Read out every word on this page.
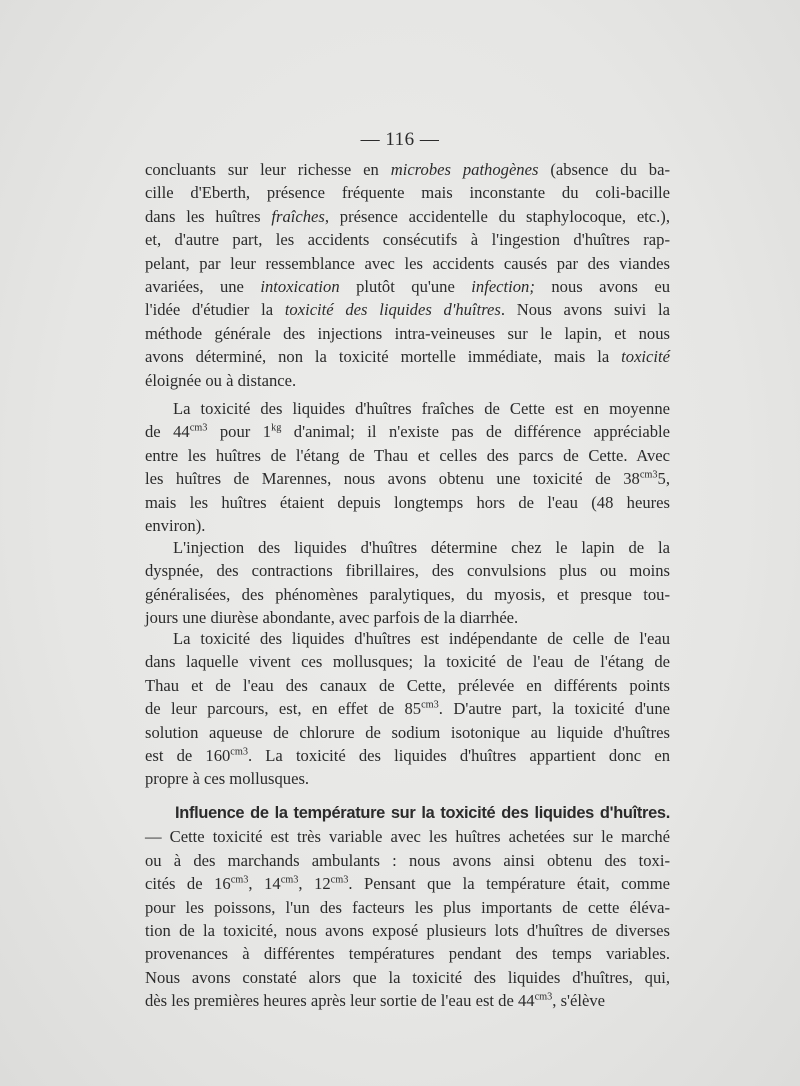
— 116 —
concluants sur leur richesse en microbes pathogènes (absence du ba-
cille d'Eberth, présence fréquente mais inconstante du coli-bacille
dans les huîtres fraîches, présence accidentelle du staphylocoque, etc.),
et, d'autre part, les accidents consécutifs à l'ingestion d'huîtres rap-
pelant, par leur ressemblance avec les accidents causés par des viandes
avariées, une intoxication plutôt qu'une infection; nous avons eu
l'idée d'étudier la toxicité des liquides d'huîtres. Nous avons suivi la
méthode générale des injections intra-veineuses sur le lapin, et nous
avons déterminé, non la toxicité mortelle immédiate, mais la toxicité
éloignée ou à distance.
La toxicité des liquides d'huîtres fraîches de Cette est en moyenne
de $44^{cm3}$ pour $1^{kg}$ d'animal; il n'existe pas de différence appréciable
entre les huîtres de l'étang de Thau et celles des parcs de Cette. Avec
les huîtres de Marennes, nous avons obtenu une toxicité de $38^{cm3}5$,
mais les huîtres étaient depuis longtemps hors de l'eau (48 heures
environ).
L'injection des liquides d'huîtres détermine chez le lapin de la
dyspnée, des contractions fibrillaires, des convulsions plus ou moins
généralisées, des phénomènes paralytiques, du myosis, et presque tou-
jours une diurèse abondante, avec parfois de la diarrhée.
La toxicité des liquides d'huîtres est indépendante de celle de l'eau
dans laquelle vivent ces mollusques; la toxicité de l'eau de l'étang de
Thau et de l'eau des canaux de Cette, prélevée en différents points
de leur parcours, est, en effet de $85^{cm3}$. D'autre part, la toxicité d'une
solution aqueuse de chlorure de sodium isotonique au liquide d'huîtres
est de $160^{cm3}$. La toxicité des liquides d'huîtres appartient donc en
propre à ces mollusques.
Influence de la température sur la toxicité des liquides d'huîtres.
— Cette toxicité est très variable avec les huîtres achetées sur le marché
ou à des marchands ambulants : nous avons ainsi obtenu des toxi-
cités de $16^{cm3}$, $14^{cm3}$, $12^{cm3}$. Pensant que la température était, comme
pour les poissons, l'un des facteurs les plus importants de cette éléva-
tion de la toxicité, nous avons exposé plusieurs lots d'huîtres de diverses
provenances à différentes températures pendant des temps variables.
Nous avons constaté alors que la toxicité des liquides d'huîtres, qui,
dès les premières heures après leur sortie de l'eau est de $44^{cm3}$, s'élève
